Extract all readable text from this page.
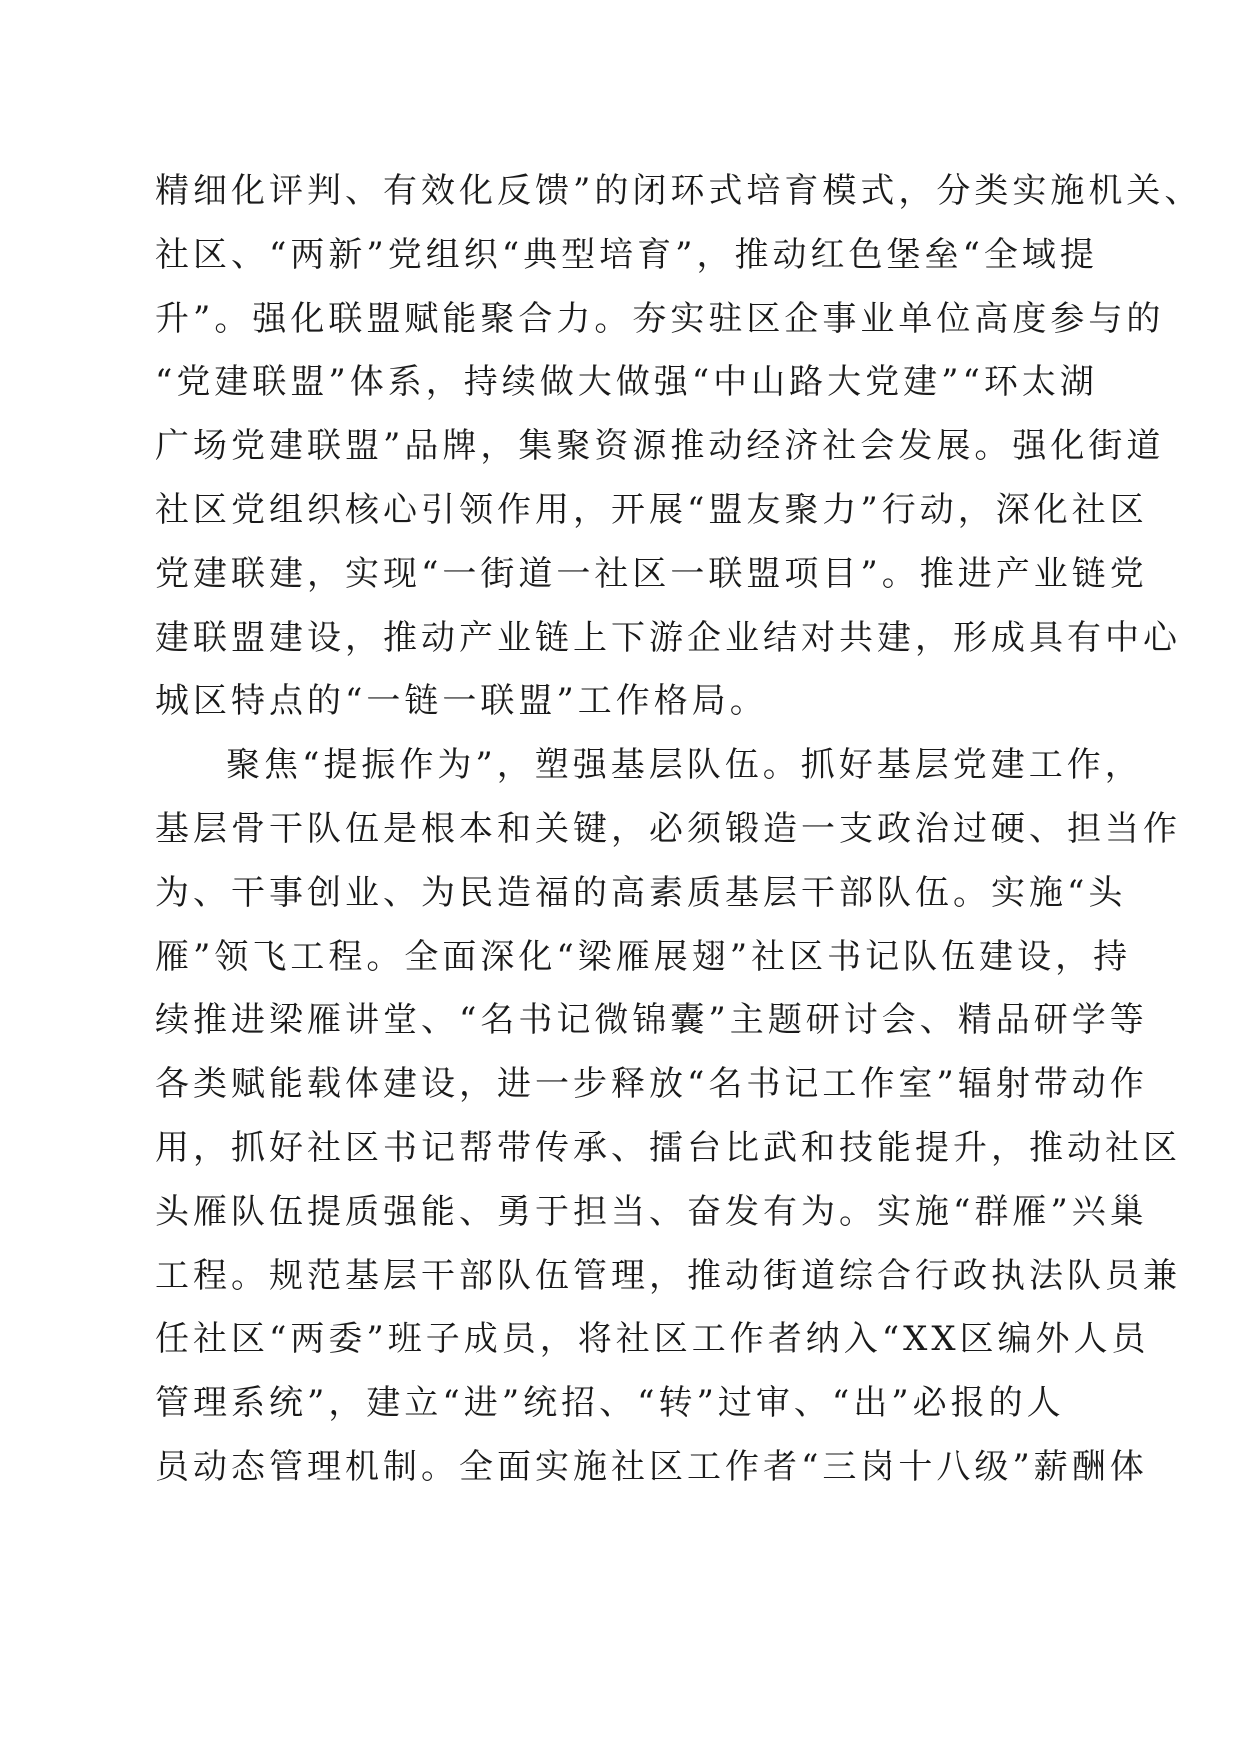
精细化评判、有效化反馈”的闭环式培育模式，分类实施机关、
社区、“两新”党组织“典型培育”，推动红色堡垒“全域提
升”。强化联盟赋能聚合力。夯实驻区企事业单位高度参与的
“党建联盟”体系，持续做大做强“中山路大党建”“环太湖
广场党建联盟”品牌，集聚资源推动经济社会发展。强化街道
社区党组织核心引领作用，开展“盟友聚力”行动，深化社区
党建联建，实现“一街道一社区一联盟项目”。推进产业链党
建联盟建设，推动产业链上下游企业结对共建，形成具有中心
城区特点的“一链一联盟”工作格局。
聚焦“提振作为”，塑强基层队伍。抓好基层党建工作，
基层骨干队伍是根本和关键，必须锻造一支政治过硬、担当作
为、干事创业、为民造福的高素质基层干部队伍。实施“头
雁”领飞工程。全面深化“梁雁展翅”社区书记队伍建设，持
续推进梁雁讲堂、“名书记微锦囊”主题研讨会、精品研学等
各类赋能载体建设，进一步释放“名书记工作室”辐射带动作
用，抓好社区书记帮带传承、擂台比武和技能提升，推动社区
头雁队伍提质强能、勇于担当、奋发有为。实施“群雁”兴巢
工程。规范基层干部队伍管理，推动街道综合行政执法队员兼
任社区“两委”班子成员，将社区工作者纳入“XX区编外人员
管理系统”，建立“进”统招、“转”过审、“出”必报的人
员动态管理机制。全面实施社区工作者“三岗十八级”薪酬体
